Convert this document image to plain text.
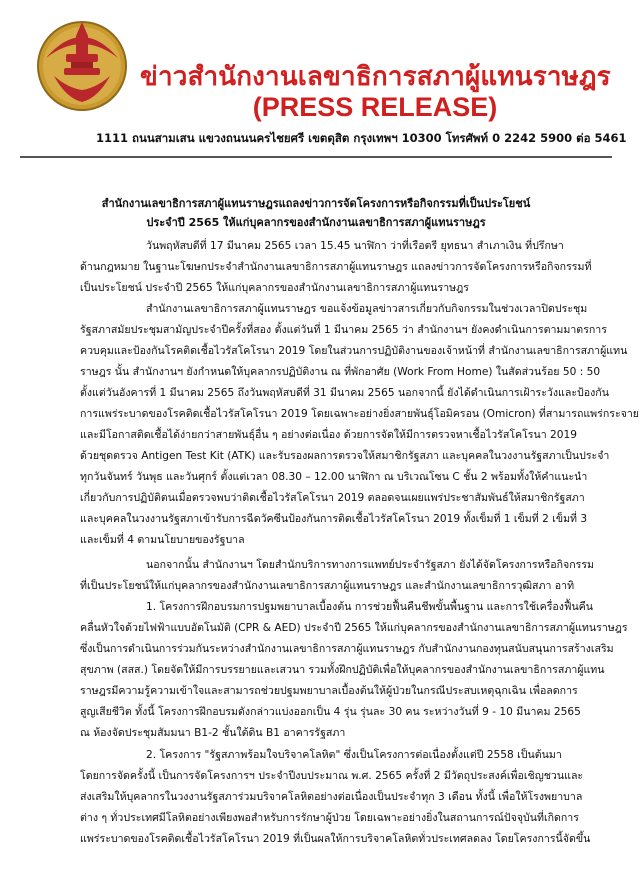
ข่าวสำนักงานเลขาธิการสภาผู้แทนราษฎร
(PRESS RELEASE)
1111 ถนนสามเสน แขวงถนนนครไชยศรี เขตดุสิต กรุงเทพฯ 10300 โทรศัพท์ 0 2242 5900 ต่อ 5461
สำนักงานเลขาธิการสภาผู้แทนราษฎรแถลงข่าวการจัดโครงการหรือกิจกรรมที่เป็นประโยชน์
ประจำปี 2565 ให้แก่บุคลากรของสำนักงานเลขาธิการสภาผู้แทนราษฎร
วันพฤหัสบดีที่ 17 มีนาคม 2565 เวลา 15.45 นาฬิกา ว่าที่เรือตรี ยุทธนา สำเภาเงิน ที่ปรึกษา
ด้านกฎหมาย ในฐานะโฆษกประจำสำนักงานเลขาธิการสภาผู้แทนราษฎร แถลงข่าวการจัดโครงการหรือกิจกรรมที่
เป็นประโยชน์ ประจำปี 2565 ให้แก่บุคลากรของสำนักงานเลขาธิการสภาผู้แทนราษฎร
สำนักงานเลขาธิการสภาผู้แทนราษฎร ขอแจ้งข้อมูลข่าวสารเกี่ยวกับกิจกรรมในช่วงเวลาปิดประชุม
รัฐสภาสมัยประชุมสามัญประจำปีครั้งที่สอง ตั้งแต่วันที่ 1 มีนาคม 2565 ว่า สำนักงานฯ ยังคงดำเนินการตามมาตรการ
ควบคุมและป้องกันโรคติดเชื้อไวรัสโคโรนา 2019 โดยในส่วนการปฏิบัติงานของเจ้าหน้าที่ สำนักงานเลขาธิการสภาผู้แทน
ราษฎร นั้น สำนักงานฯ ยังกำหนดให้บุคลากรปฏิบัติงาน ณ ที่พักอาศัย (Work From Home) ในสัดส่วนร้อย 50 : 50
ตั้งแต่วันอังคารที่ 1 มีนาคม 2565 ถึงวันพฤหัสบดีที่ 31 มีนาคม 2565 นอกจากนี้ ยังได้ดำเนินการเฝ้าระวังและป้องกัน
การแพร่ระบาดของโรคติดเชื้อไวรัสโคโรนา 2019 โดยเฉพาะอย่างยิ่งสายพันธุ์โอมิครอน (Omicron) ที่สามารถแพร่กระจาย
และมีโอกาสติดเชื้อได้ง่ายกว่าสายพันธุ์อื่น ๆ อย่างต่อเนื่อง ด้วยการจัดให้มีการตรวจหาเชื้อไวรัสโคโรนา 2019
ด้วยชุดตรวจ Antigen Test Kit (ATK) และรับรองผลการตรวจให้สมาชิกรัฐสภา และบุคคลในวงงานรัฐสภาเป็นประจำ
ทุกวันจันทร์ วันพุธ และวันศุกร์ ตั้งแต่เวลา 08.30 – 12.00 นาฬิกา ณ บริเวณโซน C ชั้น 2 พร้อมทั้งให้คำแนะนำ
เกี่ยวกับการปฏิบัติตนเมื่อตรวจพบว่าติดเชื้อไวรัสโคโรนา 2019 ตลอดจนเผยแพร่ประชาสัมพันธ์ให้สมาชิกรัฐสภา
และบุคคลในวงงานรัฐสภาเข้ารับการฉีดวัคซีนป้องกันการติดเชื้อไวรัสโคโรนา 2019 ทั้งเข็มที่ 1 เข็มที่ 2 เข็มที่ 3
และเข็มที่ 4 ตามนโยบายของรัฐบาล
นอกจากนั้น สำนักงานฯ โดยสำนักบริการทางการแพทย์ประจำรัฐสภา ยังได้จัดโครงการหรือกิจกรรม
ที่เป็นประโยชน์ให้แก่บุคลากรของสำนักงานเลขาธิการสภาผู้แทนราษฎร และสำนักงานเลขาธิการวุฒิสภา อาทิ
1. โครงการฝึกอบรมการปฐมพยาบาลเบื้องต้น การช่วยฟื้นคืนชีพขั้นพื้นฐาน และการใช้เครื่องฟื้นคืน
คลื่นหัวใจด้วยไฟฟ้าแบบอัตโนมัติ (CPR & AED) ประจำปี 2565 ให้แก่บุคลากรของสำนักงานเลขาธิการสภาผู้แทนราษฎร
ซึ่งเป็นการดำเนินการร่วมกันระหว่างสำนักงานเลขาธิการสภาผู้แทนราษฎร กับสำนักงานกองทุนสนับสนุนการสร้างเสริม
สุขภาพ (สสส.) โดยจัดให้มีการบรรยายและเสวนา รวมทั้งฝึกปฏิบัติเพื่อให้บุคลากรของสำนักงานเลขาธิการสภาผู้แทน
ราษฎรมีความรู้ความเข้าใจและสามารถช่วยปฐมพยาบาลเบื้องต้นให้ผู้ป่วยในกรณีประสบเหตุฉุกเฉิน เพื่อลดการ
สูญเสียชีวิต ทั้งนี้ โครงการฝึกอบรมดังกล่าวแบ่งออกเป็น 4 รุ่น รุ่นละ 30 คน ระหว่างวันที่ 9 - 10 มีนาคม 2565
ณ ห้องจัดประชุมสัมมนา B1-2 ชั้นใต้ดิน B1 อาคารรัฐสภา
2. โครงการ "รัฐสภาพร้อมใจบริจาคโลหิต" ซึ่งเป็นโครงการต่อเนื่องตั้งแต่ปี 2558 เป็นต้นมา
โดยการจัดครั้งนี้ เป็นการจัดโครงการฯ ประจำปีงบประมาณ พ.ศ. 2565 ครั้งที่ 2 มีวัตถุประสงค์เพื่อเชิญชวนและ
ส่งเสริมให้บุคลากรในวงงานรัฐสภาร่วมบริจาคโลหิตอย่างต่อเนื่องเป็นประจำทุก 3 เดือน ทั้งนี้ เพื่อให้โรงพยาบาล
ต่าง ๆ ทั่วประเทศมีโลหิตอย่างเพียงพอสำหรับการรักษาผู้ป่วย โดยเฉพาะอย่างยิ่งในสถานการณ์ปัจจุบันที่เกิดการ
แพร่ระบาดของโรคติดเชื้อไวรัสโคโรนา 2019 ที่เป็นผลให้การบริจาคโลหิตทั่วประเทศลดลง โดยโครงการนี้จัดขึ้น
